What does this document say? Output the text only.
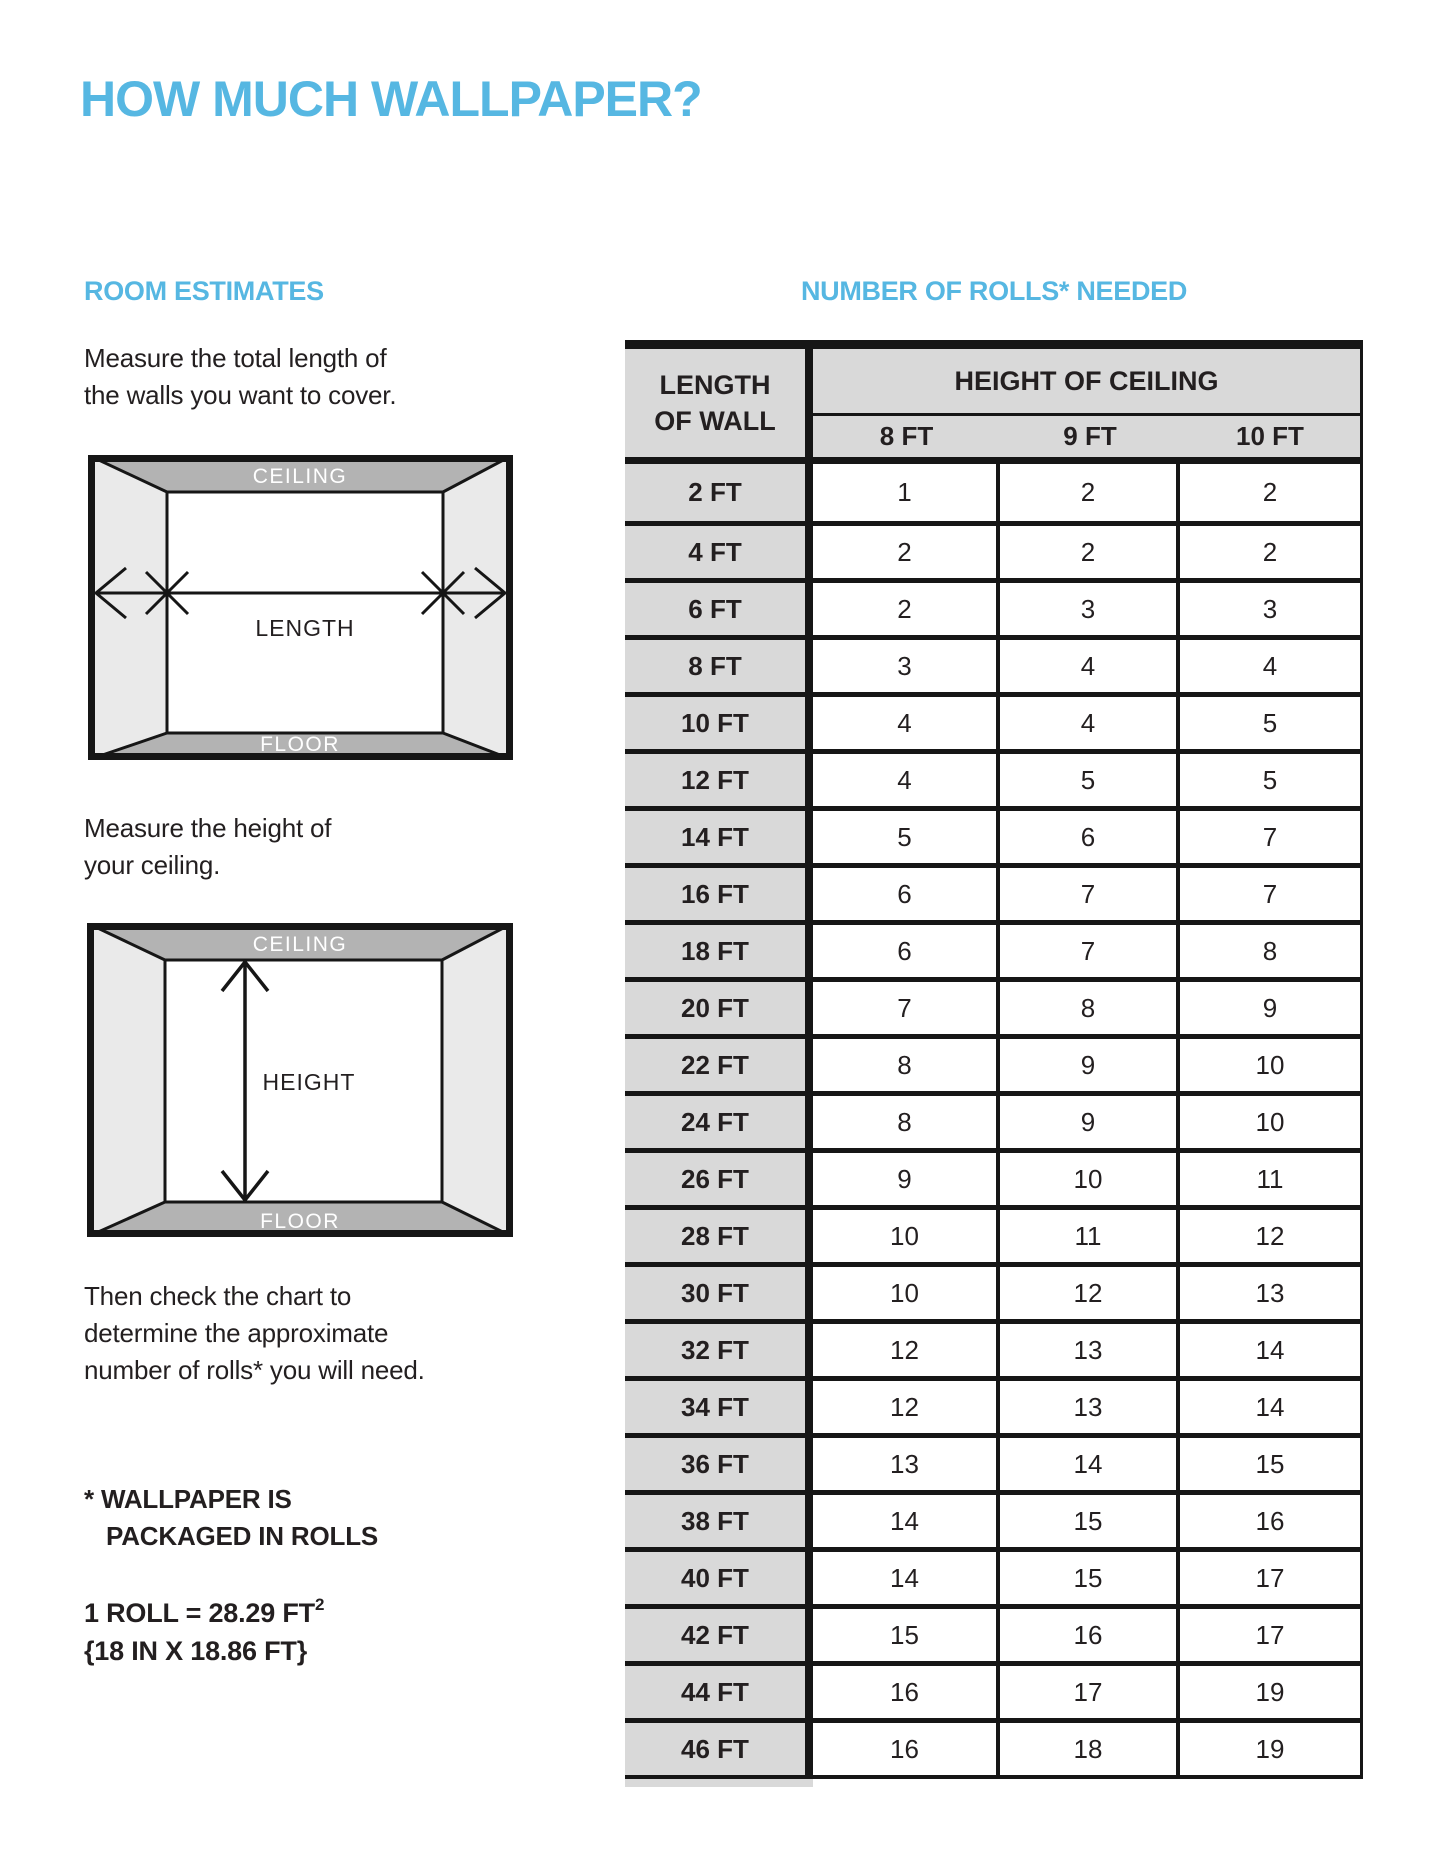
HOW MUCH WALLPAPER?
ROOM ESTIMATES
Measure the total length of
the walls you want to cover.
CEILING
FLOOR
LENGTH
Measure the height of
your ceiling.
CEILING
FLOOR
HEIGHT
Then check the chart to
determine the approximate
number of rolls* you will need.
* WALLPAPER IS
PACKAGED IN ROLLS
1 ROLL = 28.29 $FT^2$
{18 IN X 18.86 FT}
NUMBER OF ROLLS* NEEDED
LENGTH
OF WALL
HEIGHT OF CEILING
8 FT	9 FT	10 FT
2 FT	1	2	2
4 FT	2	2	2
6 FT	2	3	3
8 FT	3	4	4
10 FT	4	4	5
12 FT	4	5	5
14 FT	5	6	7
16 FT	6	7	7
18 FT	6	7	8
20 FT	7	8	9
22 FT	8	9	10
24 FT	8	9	10
26 FT	9	10	11
28 FT	10	11	12
30 FT	10	12	13
32 FT	12	13	14
34 FT	12	13	14
36 FT	13	14	15
38 FT	14	15	16
40 FT	14	15	17
42 FT	15	16	17
44 FT	16	17	19
46 FT	16	18	19
